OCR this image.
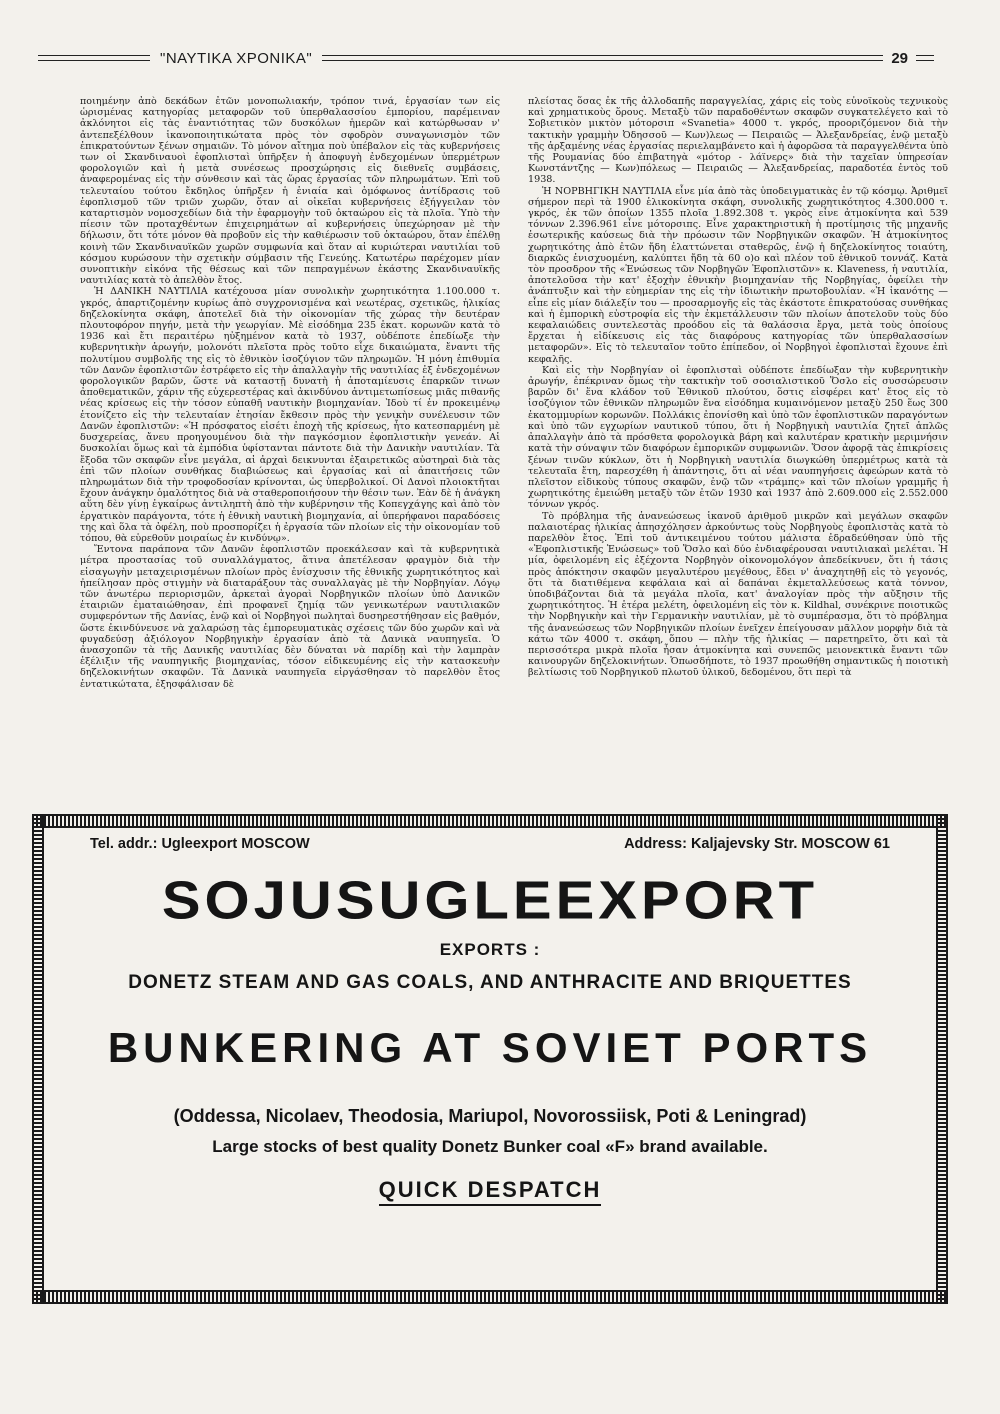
"ΝΑΥΤΙΚΑ ΧΡΟΝΙΚΑ"	29

ποιημένην ἀπὸ δεκάδων ἐτῶν μονοπωλιακήν, τρόπον τινά, ἐργασίαν των εἰς ὡρισμένας κατηγορίας μεταφορῶν τοῦ ὑπερθαλασσίου ἐμπορίου, παρέμειναν ἀκλόνητοι εἰς τὰς ἐναντιότητας τῶν δυσκόλων ἡμερῶν καὶ κατώρθωσαν ν' ἀντεπεξέλθουν ἱκανοποιητικώτατα πρὸς τὸν σφοδρὸν συναγωνισμὸν τῶν ἐπικρατούντων ξένων σημαιῶν. Τὸ μόνον αἴτημα ποὺ ὑπέβαλον εἰς τὰς κυβερνήσεις των οἱ Σκανδιναυοὶ ἐφοπλισταὶ ὑπῆρξεν ἡ ἀποφυγὴ ἐνδεχομένων ὑπερμέτρων φορολογιῶν καὶ ἡ μετὰ συνέσεως προσχώρησις εἰς διεθνεῖς συμβάσεις, ἀναφερομένας εἰς τὴν σύνθεσιν καὶ τὰς ὥρας ἐργασίας τῶν πληρωμάτων. Ἐπὶ τοῦ τελευταίου τούτου ἔκδηλος ὑπῆρξεν ἡ ἑνιαία καὶ ὁμόφωνος ἀντίδρασις τοῦ ἐφοπλισμοῦ τῶν τριῶν χωρῶν, ὅταν αἱ οἰκεῖαι κυβερνήσεις ἐξήγγειλαν τὸν καταρτισμὸν νομοσχεδίων διὰ τὴν ἐφαρμογὴν τοῦ ὀκταώρου εἰς τὰ πλοῖα. Ὑπὸ τὴν πίεσιν τῶν προταχθέντων ἐπιχειρημάτων αἱ κυβερνήσεις ὑπεχώρησαν μὲ τὴν δήλωσιν, ὅτι τότε μόνον θὰ προβοῦν εἰς τὴν καθιέρωσιν τοῦ ὀκταώρου, ὅταν ἐπέλθῃ κοινὴ τῶν Σκανδιναυϊκῶν χωρῶν συμφωνία καὶ ὅταν αἱ κυριώτεραι ναυτιλίαι τοῦ κόσμου κυρώσουν τὴν σχετικὴν σύμβασιν τῆς Γενεύης. Κατωτέρω παρέχομεν μίαν συνοπτικὴν εἰκόνα τῆς θέσεως καὶ τῶν πεπραγμένων ἑκάστης Σκανδιναυϊκῆς ναυτιλίας κατὰ τὸ ἀπελθὸν ἔτος.

Ἡ ΔΑΝΙΚΗ ΝΑΥΤΙΛΙΑ κατέχουσα μίαν συνολικὴν χωρητικότητα 1.100.000 τ. γκρός, ἀπαρτιζομένην κυρίως ἀπὸ συγχρονισμένα καὶ νεωτέρας, σχετικῶς, ἡλικίας δηζελοκίνητα σκάφη, ἀποτελεῖ διὰ τὴν οἰκονομίαν τῆς χώρας τὴν δευτέραν πλουτοφόρον πηγήν, μετὰ τὴν γεωργίαν. Μὲ εἰσόδημα 235 ἑκατ. κορωνῶν κατὰ τὸ 1936 καὶ ἔτι περαιτέρω ηὐξημένον κατὰ τὸ 1937, οὐδέποτε ἐπεδίωξε τὴν κυβερνητικὴν ἀρωγήν, μολονότι πλεῖστα πρὸς τοῦτο εἶχε δικαιώματα, ἔναντι τῆς πολυτίμου συμβολῆς της εἰς τὸ ἐθνικὸν ἰσοζύγιον τῶν πληρωμῶν. Ἡ μόνη ἐπιθυμία τῶν Δανῶν ἐφοπλιστῶν ἐστρέφετο εἰς τὴν ἀπαλλαγὴν τῆς ναυτιλίας ἐξ ἐνδεχομένων φορολογικῶν βαρῶν, ὥστε νὰ καταστῇ δυνατὴ ἡ ἀποταμίευσις ἐπαρκῶν τινων ἀποθεματικῶν, χάριν τῆς εὐχερεστέρας καὶ ἀκινδύνου ἀντιμετωπίσεως μιᾶς πιθανῆς νέας κρίσεως εἰς τὴν τόσον εὐπαθῆ ναυτικὴν βιομηχανίαν. Ἰδοὺ τί ἐν προκειμένῳ ἐτονίζετο εἰς τὴν τελευταίαν ἐτησίαν ἔκθεσιν πρὸς τὴν γενικὴν συνέλευσιν τῶν Δανῶν ἐφοπλιστῶν: «Ἡ πρόσφατος εἰσέτι ἐποχὴ τῆς κρίσεως, ἦτο κατεσπαρμένη μὲ δυσχερείας, ἄνευ προηγουμένου διὰ τὴν παγκόσμιον ἐφοπλιστικὴν γενεάν. Αἱ δυσκολίαι ὅμως καὶ τὰ ἐμπόδια ὑφίστανται πάντοτε διὰ τὴν Δανικὴν ναυτιλίαν. Τὰ ἔξοδα τῶν σκαφῶν εἶνε μεγάλα, αἱ ἀρχαὶ δεικνυνται ἐξαιρετικῶς αὐστηραὶ διὰ τὰς ἐπὶ τῶν πλοίων συνθήκας διαβιώσεως καὶ ἐργασίας καὶ αἱ ἀπαιτήσεις τῶν πληρωμάτων διὰ τὴν τροφοδοσίαν κρίνονται, ὡς ὑπερβολικοί. Οἱ Δανοὶ πλοιοκτῆται ἔχουν ἀνάγκην ὁμαλότητος διὰ νὰ σταθεροποιήσουν τὴν θέσιν των. Ἐὰν δὲ ἡ ἀνάγκη αὕτη δὲν γίνῃ ἐγκαίρως ἀντιληπτὴ ἀπὸ τὴν κυβέρνησιν τῆς Κοπεγχάγης καὶ ἀπὸ τὸν ἐργατικὸν παράγοντα, τότε ἡ ἐθνικὴ ναυτικὴ βιομηχανία, αἱ ὑπερήφανοι παραδόσεις της καὶ ὅλα τὰ ὀφέλη, ποὺ προσπορίζει ἡ ἐργασία τῶν πλοίων εἰς τὴν οἰκονομίαν τοῦ τόπου, θὰ εὑρεθοῦν μοιραίως ἐν κινδύνῳ».

Ἔντονα παράπονα τῶν Δανῶν ἐφοπλιστῶν προεκάλεσαν καὶ τὰ κυβερνητικὰ μέτρα προστασίας τοῦ συναλλάγματος, ἅτινα ἀπετέλεσαν φραγμὸν διὰ τὴν εἰσαγωγὴν μεταχειρισμένων πλοίων πρὸς ἐνίσχυσιν τῆς ἐθνικῆς χωρητικότητος καὶ ἠπείλησαν πρὸς στιγμὴν νὰ διαταράξουν τὰς συναλλαγὰς μὲ τὴν Νορβηγίαν. Λόγῳ τῶν ἀνωτέρω περιορισμῶν, ἀρκεταὶ ἀγοραὶ Νορβηγικῶν πλοίων ὑπὸ Δανικῶν ἑταιριῶν ἐματαιώθησαν, ἐπὶ προφανεῖ ζημίᾳ τῶν γενικωτέρων ναυτιλιακῶν συμφερόντων τῆς Δανίας, ἐνῷ καὶ οἱ Νορβηγοὶ πωληταὶ δυσηρεστήθησαν εἰς βαθμόν, ὥστε ἐκινδύνευσε νὰ χαλαρώσῃ τὰς ἐμπορευματικὰς σχέσεις τῶν δύο χωρῶν καὶ νὰ φυγαδεύσῃ ἀξιόλογον Νορβηγικὴν ἐργασίαν ἀπὸ τὰ Δανικὰ ναυπηγεῖα. Ὁ ἀνασχοπῶν τὰ τῆς Δανικῆς ναυτιλίας δὲν δύναται νὰ παρίδῃ καὶ τὴν λαμπρὰν ἐξέλιξιν τῆς ναυπηγικῆς βιομηχανίας, τόσον εἰδικευμένης εἰς τὴν κατασκευὴν δηζελοκινήτων σκαφῶν. Τὰ Δανικὰ ναυπηγεῖα εἰργάσθησαν τὸ παρελθὸν ἔτος ἐντατικώτατα, ἐξησφάλισαν δὲ

πλείστας ὅσας ἐκ τῆς ἀλλοδαπῆς παραγγελίας, χάρις εἰς τοὺς εὐνοϊκοὺς τεχνικοὺς καὶ χρηματικοὺς ὅρους. Μεταξὺ τῶν παραδοθέντων σκαφῶν συγκατελέγετο καὶ τὸ Σοβιετικὸν μικτὸν μότορσιπ «Svanetia» 4000 τ. γκρός, προοριζόμενον διὰ τὴν τακτικὴν γραμμὴν Ὀδησσοῦ — Κων)λεως — Πειραιῶς — Ἀλεξανδρείας, ἐνῷ μεταξὺ τῆς ἀρξαμένης νέας ἐργασίας περιελαμβάνετο καὶ ἡ ἀφορῶσα τὰ παραγγελθέντα ὑπὸ τῆς Ρουμανίας δύο ἐπιβατηγὰ «μότορ - λάϊνερς» διὰ τὴν ταχεῖαν ὑπηρεσίαν Κωνστάντζης — Κων)πόλεως — Πειραιῶς — Ἀλεξανδρείας, παραδοτέα ἐντὸς τοῦ 1938.

Ἡ ΝΟΡΒΗΓΙΚΗ ΝΑΥΤΙΛΙΑ εἶνε μία ἀπὸ τὰς ὑποδειγματικὰς ἐν τῷ κόσμῳ. Ἀριθμεῖ σήμερον περὶ τὰ 1900 ἑλικοκίνητα σκάφη, συνολικῆς χωρητικότητος 4.300.000 τ. γκρός, ἐκ τῶν ὁποίων 1355 πλοῖα 1.892.308 τ. γκρὸς εἶνε ἀτμοκίνητα καὶ 539 τόννων 2.396.961 εἶνε μότορσιπς. Εἶνε χαρακτηριστικὴ ἡ προτίμησις τῆς μηχανῆς ἐσωτερικῆς καύσεως διὰ τὴν πρόωσιν τῶν Νορβηγικῶν σκαφῶν. Ἡ ἀτμοκίνητος χωρητικότης ἀπὸ ἐτῶν ἤδη ἐλαττώνεται σταθερῶς, ἐνῷ ἡ δηζελοκίνητος τοιαύτη, διαρκῶς ἐνισχυομένη, καλύπτει ἤδη τὰ 60 ο)ο καὶ πλέον τοῦ ἐθνικοῦ τοννάζ. Κατὰ τὸν προσδρον τῆς «Ἑνώσεως τῶν Νορβηγῶν Ἐφοπλιστῶν» κ. Klaveness, ἡ ναυτιλία, ἀποτελοῦσα τὴν κατ' ἐξοχὴν ἐθνικὴν βιομηχανίαν τῆς Νορβηγίας, ὀφείλει τὴν ἀνάπτυξιν καὶ τὴν εὐημερίαν της εἰς τὴν ἰδιωτικὴν πρωτοβουλίαν. «Ἡ ἱκανότης — εἶπε εἰς μίαν διάλεξίν του — προσαρμογῆς εἰς τὰς ἑκάστοτε ἐπικρατούσας συνθήκας καὶ ἡ ἐμπορικὴ εὐστροφία εἰς τὴν ἐκμετάλλευσιν τῶν πλοίων ἀποτελοῦν τοὺς δύο κεφαλαιώδεις συντελεστὰς προόδου εἰς τὰ θαλάσσια ἔργα, μετὰ τοὺς ὁποίους ἔρχεται ἡ εἰδίκευσις εἰς τὰς διαφόρους κατηγορίας τῶν ὑπερθαλασσίων μεταφορῶν». Εἰς τὸ τελευταῖον τοῦτο ἐπίπεδον, οἱ Νορβηγοὶ ἐφοπλισταὶ ἔχουνε ἐπὶ κεφαλῆς.

Καὶ εἰς τὴν Νορβηγίαν οἱ ἐφοπλισταὶ οὐδέποτε ἐπεδίωξαν τὴν κυβερνητικὴν ἀρωγήν, ἐπέκριναν ὅμως τὴν τακτικὴν τοῦ σοσιαλιστικοῦ Ὅσλο εἰς συσσώρευσιν βαρῶν δι' ἕνα κλάδον τοῦ Ἐθνικοῦ πλούτου, ὅστις εἰσφέρει κατ' ἔτος εἰς τὸ ἰσοζύγιον τῶν ἐθνικῶν πληρωμῶν ἕνα εἰσόδημα κυμαινόμενον μεταξὺ 250 ἕως 300 ἑκατομμυρίων κορωνῶν. Πολλάκις ἐπονίσθη καὶ ὑπὸ τῶν ἐφοπλιστικῶν παραγόντων καὶ ὑπὸ τῶν εγχωρίων ναυτικοῦ τύπου, ὅτι ἡ Νορβηγικὴ ναυτιλία ζητεῖ ἁπλῶς ἀπαλλαγὴν ἀπὸ τὰ πρόσθετα φορολογικὰ βάρη καὶ καλυτέραν κρατικὴν μεριμνήσιν κατὰ τὴν σύναψιν τῶν διαφόρων ἐμπορικῶν συμφωνιῶν. Ὅσον ἀφορᾷ τὰς ἐπικρίσεις ξένων τινῶν κύκλων, ὅτι ἡ Νορβηγικὴ ναυτιλία διωγκώθη ὑπερμέτρως κατὰ τὰ τελευταῖα ἔτη, παρεσχέθη ἡ ἀπάντησις, ὅτι αἱ νέαι ναυπηγήσεις ἀφεώρων κατὰ τὸ πλεῖστον εἰδικοὺς τύπους σκαφῶν, ἐνῷ τῶν «τράμπς» καὶ τῶν πλοίων γραμμῆς ἡ χωρητικότης ἐμειώθη μεταξὺ τῶν ἐτῶν 1930 καὶ 1937 ἀπὸ 2.609.000 εἰς 2.552.000 τόννων γκρός.

Τὸ πρόβλημα τῆς ἀνανεώσεως ἱκανοῦ ἀριθμοῦ μικρῶν καὶ μεγάλων σκαφῶν παλαιοτέρας ἡλικίας ἀπησχόλησεν ἀρκούντως τοὺς Νορβηγοὺς ἐφοπλιστὰς κατὰ τὸ παρελθὸν ἔτος. Ἐπὶ τοῦ ἀντικειμένου τούτου μάλιστα ἐδραδεύθησαν ὑπὸ τῆς «Ἐφοπλιστικῆς Ἑνώσεως» τοῦ Ὅσλο καὶ δύο ἐνδιαφέρουσαι ναυτιλιακαὶ μελέται. Ἡ μία, ὀφειλομένη εἰς ἐξέχοντα Νορβηγὸν οἰκονομολόγον ἀπεδείκνυεν, ὅτι ἡ τάσις πρὸς ἀπόκτησιν σκαφῶν μεγαλυτέρου μεγέθους, ἔδει ν' ἀναχητηθῇ εἰς τὸ γεγονός, ὅτι τὰ διατιθέμενα κεφάλαια καὶ αἱ δαπάναι ἐκμεταλλεύσεως κατὰ τόννον, ὑποδιβάζονται διὰ τὰ μεγάλα πλοῖα, κατ' ἀναλογίαν πρὸς τὴν αὔξησιν τῆς χωρητικότητος. Ἡ ἑτέρα μελέτη, ὀφειλομένη εἰς τὸν κ. Kildhal, συνέκρινε ποιοτικῶς τὴν Νορβηγικὴν καὶ τὴν Γερμανικὴν ναυτιλίαν, μὲ τὸ συμπέρασμα, ὅτι τὸ πρόβλημα τῆς ἀνανεώσεως τῶν Νορβηγικῶν πλοίων ἐνεῖχεν ἐπείγουσαν μᾶλλον μορφὴν διὰ τὰ κάτω τῶν 4000 τ. σκάφη, ὅπου — πλὴν τῆς ἡλικίας — παρετηρεῖτο, ὅτι καὶ τὰ περισσότερα μικρὰ πλοῖα ἦσαν ἀτμοκίνητα καὶ συνεπῶς μειονεκτικὰ ἔναντι τῶν καινουργῶν δηζελοκινήτων. Ὁπωσδήποτε, τὸ 1937 προωθήθη σημαντικῶς ἡ ποιοτικὴ βελτίωσις τοῦ Νορβηγικοῦ πλωτοῦ ὑλικοῦ, δεδομένου, ὅτι περὶ τὰ

Tel. addr.: Ugleexport MOSCOW	Address: Kaljajevsky Str. MOSCOW 61
SOJUSUGLEEXPORT
EXPORTS :
DONETZ STEAM AND GAS COALS, AND ANTHRACITE AND BRIQUETTES
BUNKERING AT SOVIET PORTS
(Oddessa, Nicolaev, Theodosia, Mariupol, Novorossiisk, Poti & Leningrad)
Large stocks of best quality Donetz Bunker coal «F» brand available.
QUICK DESPATCH
